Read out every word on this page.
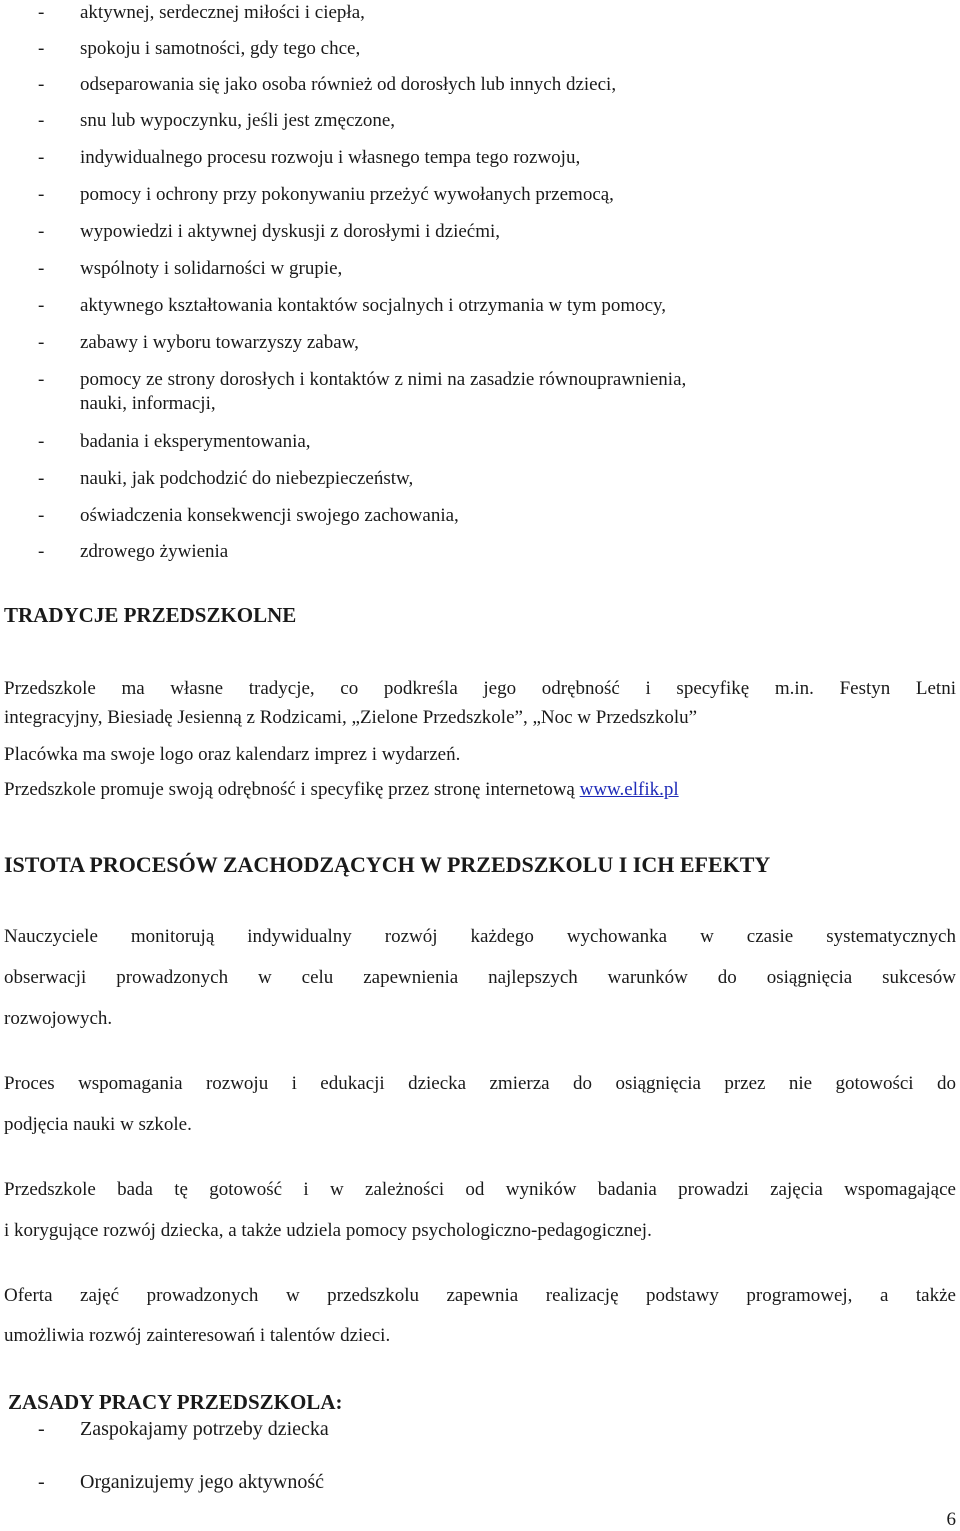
-	aktywnej, serdecznej miłości i ciepła,
-	spokoju i samotności, gdy tego chce,
-	odseparowania się jako osoba również od dorosłych lub innych dzieci,
-	snu lub wypoczynku, jeśli jest zmęczone,
-	indywidualnego procesu rozwoju i własnego tempa tego rozwoju,
-	pomocy i ochrony przy pokonywaniu przeżyć wywołanych przemocą,
-	wypowiedzi i aktywnej dyskusji z dorosłymi i dziećmi,
-	wspólnoty i solidarności w grupie,
-	aktywnego kształtowania kontaktów socjalnych i otrzymania w tym pomocy,
-	zabawy i wyboru towarzyszy zabaw,
-	pomocy ze strony dorosłych i kontaktów z nimi na zasadzie równouprawnienia,
nauki, informacji,
-	badania i eksperymentowania,
-	nauki, jak podchodzić do niebezpieczeństw,
-	oświadczenia konsekwencji swojego zachowania,
-	zdrowego żywienia
TRADYCJE PRZEDSZKOLNE
Przedszkole ma własne tradycje, co podkreśla jego odrębność i specyfikę m.in. Festyn Letni
integracyjny, Biesiadę Jesienną z Rodzicami, „Zielone Przedszkole”, „Noc w Przedszkolu”
Placówka ma swoje logo oraz kalendarz imprez i wydarzeń.
Przedszkole promuje swoją odrębność i specyfikę przez stronę internetową www.elfik.pl
ISTOTA PROCESÓW ZACHODZĄCYCH W PRZEDSZKOLU I ICH EFEKTY
Nauczyciele monitorują indywidualny rozwój każdego wychowanka w czasie systematycznych
obserwacji prowadzonych w celu zapewnienia najlepszych warunków do osiągnięcia sukcesów
rozwojowych.
Proces wspomagania rozwoju i edukacji dziecka zmierza do osiągnięcia przez nie gotowości do
podjęcia nauki w szkole.
Przedszkole bada tę gotowość i w zależności od wyników badania prowadzi zajęcia wspomagające
i korygujące rozwój dziecka, a także udziela pomocy psychologiczno-pedagogicznej.
Oferta zajęć prowadzonych w przedszkolu zapewnia realizację podstawy programowej, a także
umożliwia rozwój zainteresowań i talentów dzieci.
ZASADY PRACY PRZEDSZKOLA:
-	Zaspokajamy potrzeby dziecka
-	Organizujemy jego aktywność
6
